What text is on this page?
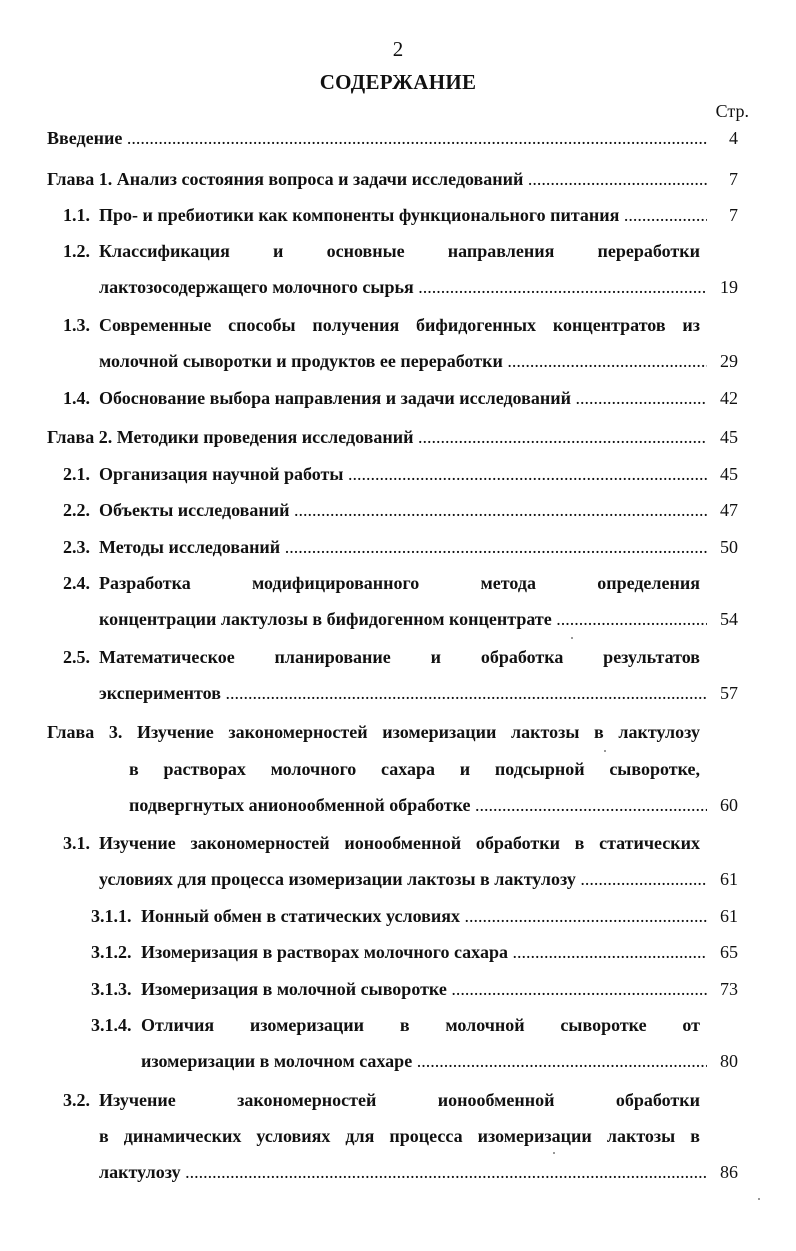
2
СОДЕРЖАНИЕ
Стр.
Введение .....	4
Глава 1. Анализ состояния вопроса и задачи исследований .....	7
1.1. Про- и пребиотики как компоненты функционального питания .....	7
1.2. Классификация и основные направления переработки
лактозосодержащего молочного сырья .....	19
1.3. Современные способы получения бифидогенных концентратов из
молочной сыворотки и продуктов ее переработки .....	29
1.4. Обоснование выбора направления и задачи исследований .....	42
Глава 2. Методики проведения исследований .....	45
2.1. Организация научной работы .....	45
2.2. Объекты исследований .....	47
2.3. Методы исследований .....	50
2.4. Разработка модифицированного метода определения
концентрации лактулозы в бифидогенном концентрате .....	54
2.5. Математическое планирование и обработка результатов
экспериментов .....	57
Глава 3. Изучение закономерностей изомеризации лактозы в лактулозу
в растворах молочного сахара и подсырной сыворотке,
подвергнутых анионообменной обработке .....	60
3.1. Изучение закономерностей ионообменной обработки в статических
условиях для процесса изомеризации лактозы в лактулозу .....	61
3.1.1. Ионный обмен в статических условиях .....	61
3.1.2. Изомеризация в растворах молочного сахара .....	65
3.1.3. Изомеризация в молочной сыворотке .....	73
3.1.4. Отличия изомеризации в молочной сыворотке от
изомеризации в молочном сахаре .....	80
3.2. Изучение закономерностей ионообменной обработки
в динамических условиях для процесса изомеризации лактозы в
лактулозу .....	86
